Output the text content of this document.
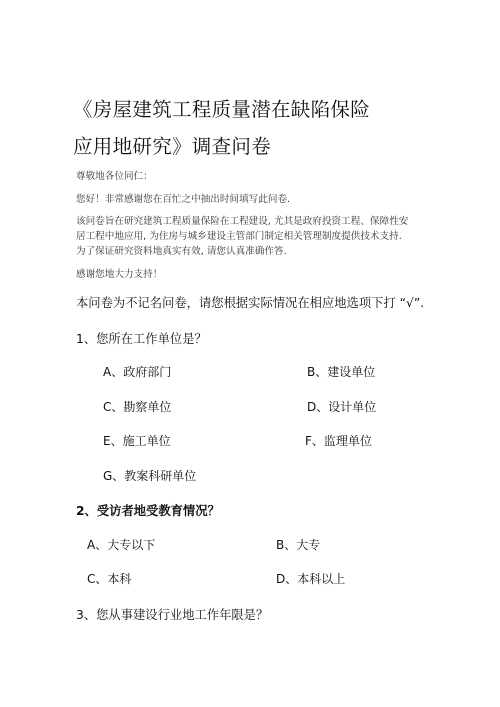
《房屋建筑工程质量潜在缺陷保险
应用地研究》调查问卷

尊敬地各位同仁：

您好！非常感谢您在百忙之中抽出时间填写此问卷.

该问卷旨在研究建筑工程质量保险在工程建设, 尤其是政府投资工程、保障性安

居工程中地应用, 为住房与城乡建设主管部门制定相关管理制度提供技术支持.

为了保证研究资料地真实有效, 请您认真准确作答.

感谢您地大力支持！

本问卷为不记名问卷，请您根据实际情况在相应地选项下打 “√”.

1、您所在工作单位是？

A、政府部门	B、建设单位
C、勘察单位	D、设计单位
E、施工单位	F、监理单位
G、教案科研单位

2、受访者地受教育情况？

A、大专以下	B、大专
C、本科	D、本科以上

3、您从事建设行业地工作年限是？
